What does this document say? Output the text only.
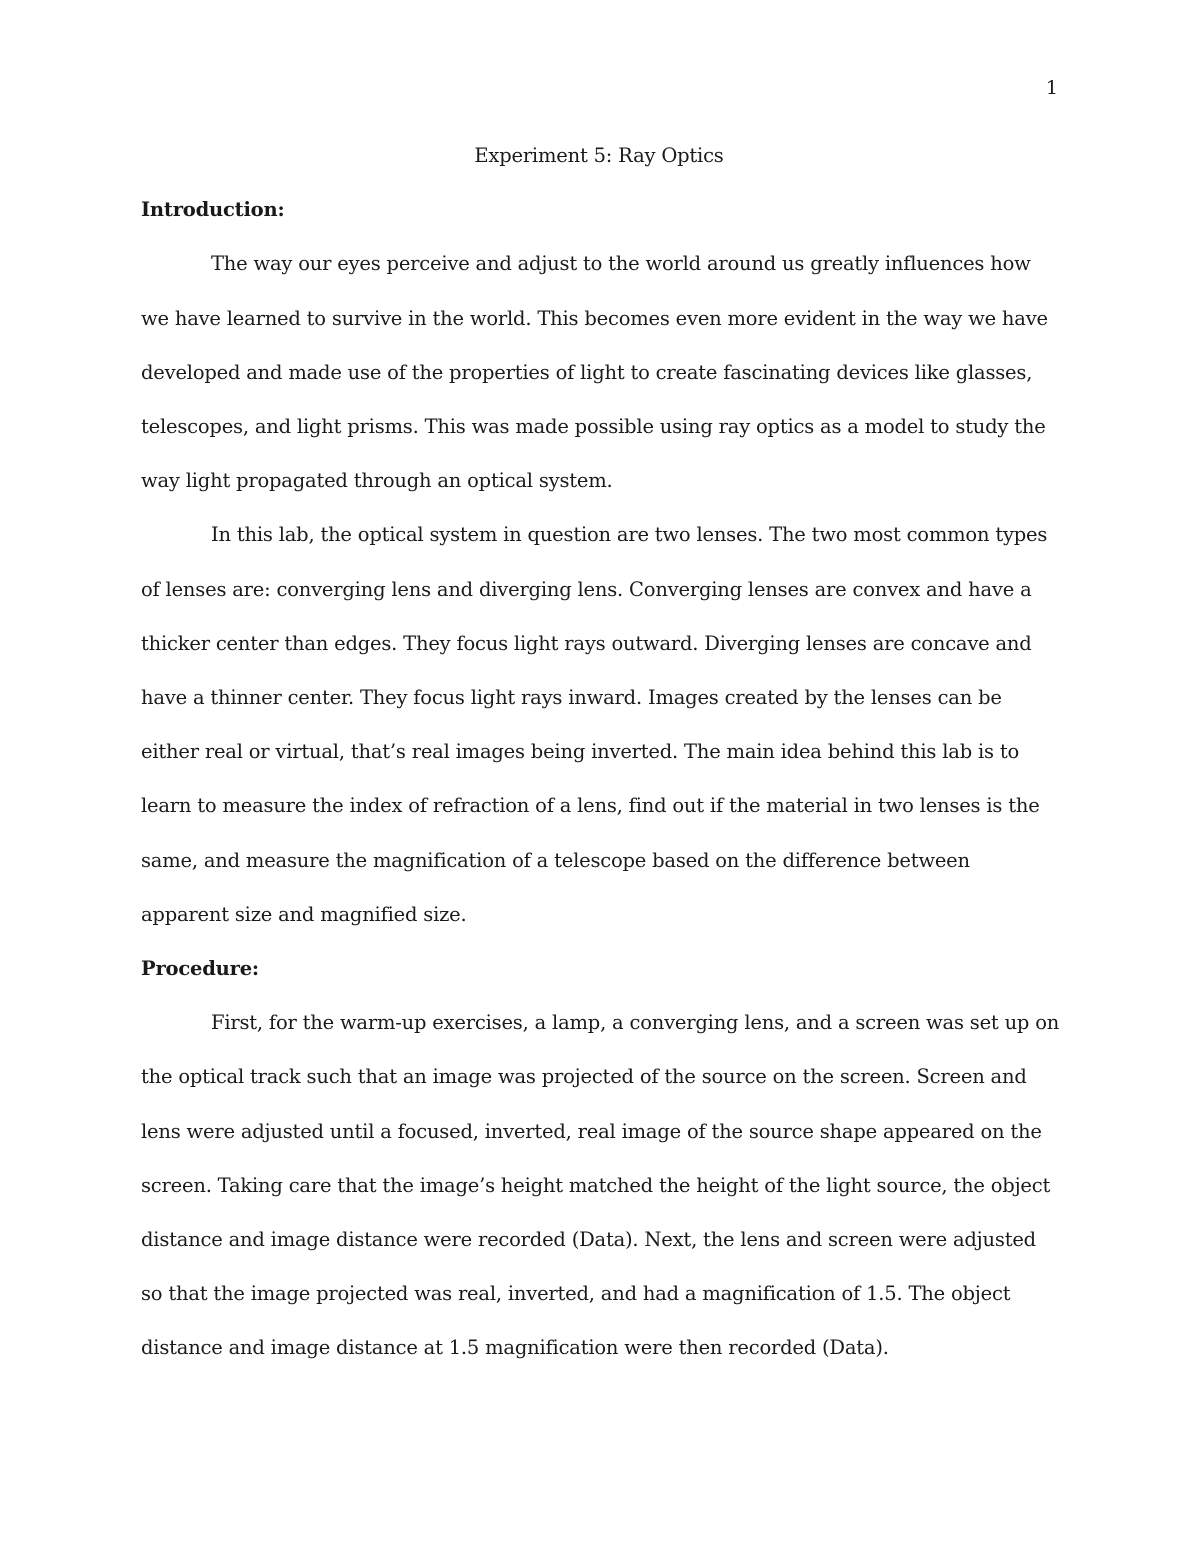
1

Experiment 5: Ray Optics

Introduction:

The way our eyes perceive and adjust to the world around us greatly influences how we have learned to survive in the world. This becomes even more evident in the way we have developed and made use of the properties of light to create fascinating devices like glasses, telescopes, and light prisms. This was made possible using ray optics as a model to study the way light propagated through an optical system.

In this lab, the optical system in question are two lenses. The two most common types of lenses are: converging lens and diverging lens. Converging lenses are convex and have a thicker center than edges. They focus light rays outward. Diverging lenses are concave and have a thinner center. They focus light rays inward. Images created by the lenses can be either real or virtual, that’s real images being inverted. The main idea behind this lab is to learn to measure the index of refraction of a lens, find out if the material in two lenses is the same, and measure the magnification of a telescope based on the difference between apparent size and magnified size.

Procedure:

First, for the warm-up exercises, a lamp, a converging lens, and a screen was set up on the optical track such that an image was projected of the source on the screen. Screen and lens were adjusted until a focused, inverted, real image of the source shape appeared on the screen. Taking care that the image’s height matched the height of the light source, the object distance and image distance were recorded (Data). Next, the lens and screen were adjusted so that the image projected was real, inverted, and had a magnification of 1.5. The object distance and image distance at 1.5 magnification were then recorded (Data).
